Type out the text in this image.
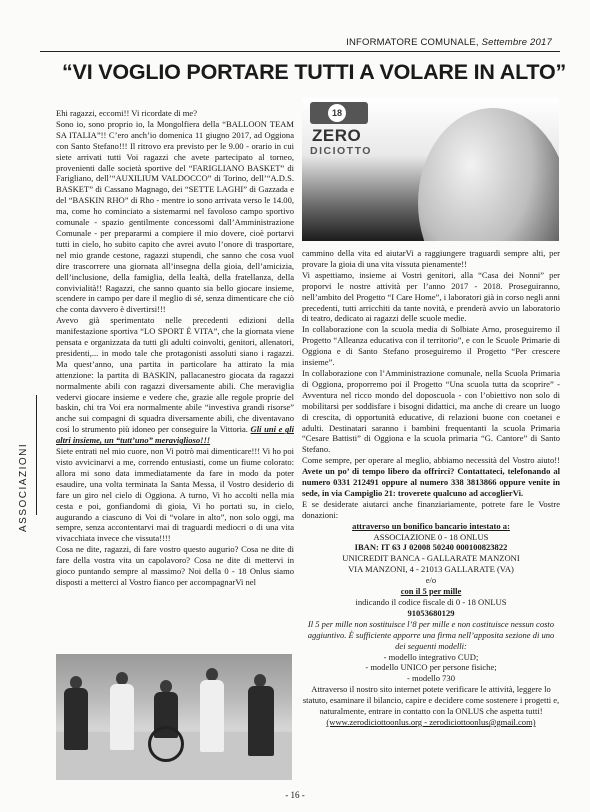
INFORMATORE COMUNALE, Settembre 2017
ASSOCIAZIONI
“VI VOGLIO PORTARE TUTTI A VOLARE IN ALTO”

Ehi ragazzi, eccomi!! Vi ricordate di me?

Sono io, sono proprio io, la Mongolfiera della “BALLOON TEAM SA ITALIA”!! C’ero anch’io domenica 11 giugno 2017, ad Oggiona con Santo Stefano!!! Il ritrovo era previsto per le 9.00 - orario in cui siete arrivati tutti Voi ragazzi che avete partecipato al torneo, provenienti dalle società sportive del “FARIGLIANO BASKET” di Farigliano, dell’“AUXILIUM VALDOCCO” di Torino, dell’“A.D.S. BASKET” di Cassano Magnago, dei “SETTE LAGHI” di Gazzada e del “BASKIN RHO” di Rho - mentre io sono arrivata verso le 14.00, ma, come ho cominciato a sistemarmi nel favoloso campo sportivo comunale - spazio gentilmente concessomi dall’Amministrazione Comunale - per prepararmi a compiere il mio dovere, cioè portarvi tutti in cielo, ho subito capito che avrei avuto l’onore di trasportare, nel mio grande cestone, ragazzi stupendi, che sanno che cosa vuol dire trascorrere una giornata all’insegna della gioia, dell’amicizia, dell’inclusione, della famiglia, della lealtà, della fratellanza, della convivialità!! Ragazzi, che sanno quanto sia bello giocare insieme, scendere in campo per dare il meglio di sé, senza dimenticare che ciò che conta davvero è divertirsi!!!

Avevo già sperimentato nelle precedenti edizioni della manifestazione sportiva “LO SPORT È VITA”, che la giornata viene pensata e organizzata da tutti gli adulti coinvolti, genitori, allenatori, presidenti,... in modo tale che protagonisti assoluti siano i ragazzi. Ma quest’anno, una partita in particolare ha attirato la mia attenzione: la partita di BASKIN, pallacanestro giocata da ragazzi normalmente abili con ragazzi diversamente abili. Che meraviglia vedervi giocare insieme e vedere che, grazie alle regole proprie del baskin, chi tra Voi era normalmente abile “investiva grandi risorse” anche sui compagni di squadra diversamente abili, che diventavano così lo strumento più idoneo per conseguire la Vittoria. Gli uni e gli altri insieme, un “tutt’uno” meraviglioso!!!

Siete entrati nel mio cuore, non Vi potrò mai dimenticare!!! Vi ho poi visto avvicinarvi a me, correndo entusiasti, come un fiume colorato: allora mi sono data immediatamente da fare in modo da poter esaudire, una volta terminata la Santa Messa, il Vostro desiderio di fare un giro nel cielo di Oggiona. A turno, Vi ho accolti nella mia cesta e poi, gonfiandomi di gioia, Vi ho portati su, in cielo, augurando a ciascuno di Voi di “volare in alto”, non solo oggi, ma sempre, senza accontentarvi mai di traguardi mediocri o di una vita vivacchiata invece che vissuta!!!!

Cosa ne dite, ragazzi, di fare vostro questo augurio? Cosa ne dite di fare della vostra vita un capolavoro? Cosa ne dite di mettervi in gioco puntando sempre al massimo? Noi della 0 - 18 Onlus siamo disposti a metterci al Vostro fianco per accompagnarVi nel

18
ZERO
DICIOTTO

cammino della vita ed aiutarVi a raggiungere traguardi sempre alti, per provare la gioia di una vita vissuta pienamente!!

Vi aspettiamo, insieme ai Vostri genitori, alla “Casa dei Nonni” per proporvi le nostre attività per l’anno 2017 - 2018. Proseguiranno, nell’ambito del Progetto “I Care Home”, i laboratori già in corso negli anni precedenti, tutti arricchiti da tante novità, e prenderà avvio un laboratorio di teatro, dedicato ai ragazzi delle scuole medie.

In collaborazione con la scuola media di Solbiate Arno, proseguiremo il Progetto “Alleanza educativa con il territorio”, e con le Scuole Primarie di Oggiona e di Santo Stefano proseguiremo il Progetto “Per crescere insieme”.

In collaborazione con l’Amministrazione comunale, nella Scuola Primaria di Oggiona, proporremo poi il Progetto “Una scuola tutta da scoprire” - Avventura nel ricco mondo del doposcuola - con l’obiettivo non solo di mobilitarsi per soddisfare i bisogni didattici, ma anche di creare un luogo di crescita, di opportunità educative, di relazioni buone con coetanei e adulti. Destinatari saranno i bambini frequentanti la scuola Primaria “Cesare Battisti” di Oggiona e la scuola primaria “G. Cantore” di Santo Stefano.

Come sempre, per operare al meglio, abbiamo necessità del Vostro aiuto!! Avete un po’ di tempo libero da offrirci? Contattateci, telefonando al numero 0331 212491 oppure al numero 338 3813866 oppure venite in sede, in via Campiglio 21: troverete qualcuno ad accoglierVi.

E se desiderate aiutarci anche finanziariamente, potrete fare le Vostre donazioni:

attraverso un bonifico bancario intestato a:

ASSOCIAZIONE 0 - 18 ONLUS

IBAN: IT 63 J 02008 50240 000100823822

UNICREDIT BANCA - GALLARATE MANZONI

VIA MANZONI, 4 - 21013 GALLARATE (VA)

e/o

con il 5 per mille

indicando il codice fiscale di 0 - 18 ONLUS

91053680129

Il 5 per mille non sostituisce l’8 per mille e non costituisce nessun costo aggiuntivo. È sufficiente apporre una firma nell’apposita sezione di uno dei seguenti modelli:

- modello integrativo CUD;

- modello UNICO per persone fisiche;

- modello 730

Attraverso il nostro sito internet potete verificare le attività, leggere lo statuto, esaminare il bilancio, capire e decidere come sostenere i progetti e, naturalmente, entrare in contatto con la ONLUS che aspetta tutti!

(www.zerodiciottoonlus.org - zerodiciottoonlus@gmail.com)

- 16 -
